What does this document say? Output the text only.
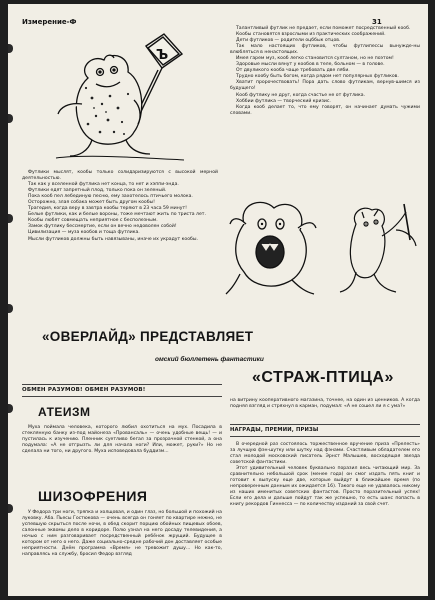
Измерение-Ф	31
Ъ

Футлики мыслят, кообы только солидаризируются с высокой мерной деятельностью.

Так как у вселенной футлика нет конца, то нет и хэппи-энда.

Футлики едят запретный плод, только пока он зеленый.

Пока кооб пел лебединую песню, ему захотелось птичьего молока.

Осторожно, злая собака может быть другом кообы!

Трагедия, когда веру в завтра кообы теряют в 23 часа 59 минут!

Белые футлики, как и белые вороны, тоже мечтают жить по триста лет.

Кообы любят совмещать неприятное с бесполезным.

Замок футлику бессмертие, если он вечно недоволен собой!

Цивилизация — муза кообов и тоща футлика.

Мысли футликов должны быть навязываны, иначе их украдут кообы.

Талантливый футлик не предает, если поможет посредственный кооб.

Кообы становятся взрослыми из практических соображений.

Дети футликов — родители оцббык отцов.

Так мало настоящих футликов, чтобы футлипессы вынужде-ны влюбляться в ненастоящих.

Имея гарем муз, кооб легко становится султаном, но не поэтом!

Здоровые мысли вянут у кообов в теле, больном — в голове.

От двуликого кооба чаще требовать две ляби.

Трудно кообу быть богом, когда рядом нет популярных футликов.

Хватит пророчествовать! Пора дать слово футликам, вернув-шимся из будущего!

Кооб футлику не друг, когда счастье не от футлика.

Хоббии футлика — творческий кризис.

Когда кооб делает то, что ему говорят, он начинает думать чужими словами.

«ОВЕРЛАЙД» ПРЕДСТАВЛЯЕТ
омский бюллетень фантастики
«СТРАЖ-ПТИЦА»
ОБМЕН РАЗУМОВ! ОБМЕН РАЗУМОВ!
АТЕИЗМ

Муха поймала человека, которого любил охотиться на мух. Посадила в стеклянную банку из-под майонеза «Провансаль» — очень удобные вещь! — и пустилась к изучению. Пленник суетливо бегал за прозрачной стенкой, а она подумала: «А не отгрызть ли для начала ноги? Или, может, руки?» Но не сделала ни того, ни другого. Муха исповедовала буддизм...

ШИЗОФРЕНИЯ

У Федора три ноги, тряпка и холщовая, и один глаз, но большой и похожий на луковку. Аба. Пьесы Гостюкова — очень всегда он гоняет по квартире нежно, не успевшую скрыться после ночи, в обед скорит порцию обойных пищевых обоев, салонные эквомы дело в коридоре. Полю узнал на него досаду телевидения, а ночью с ним разговаривает посредственный ребёнок жрущий. Будущее в котором от него о него. Даже социально-средне рабочий дон доставляет особые неприятности. Днём программа «Время» не тревожит душу... Но как-то, направлясь на службу, бросил Федор взгляд

на витрину кооперативного магазина, точнее, на один из ценников. А когда поднял взгляд и стряхнул в карман, подумал: «А не сошел ли я с ума?»

НАГРАДЫ, ПРЕМИИ, ПРИЗЫ

В очередной раз состоялось торжественное вручение приза «Прелесть» за лучшую фэн-шутку или шутку над фэнами. Счастливым обладателем его стал молодой московский писатель Эрнст Малышев, восходящая звезда советской фантастики.

Этот удивительный человек буквально поразил весь читающий мир. За сравнительно небольшой срок (менее года) он смог издать пять книг и готовит к выпуску еще две, которые выйдут в ближайшее время (по непроверенным данным их ожидается 16). Такого еще не удавалось никому из наших именитых советских фантастов. Просто поразительный успех! Если его дела и дальше пойдут так же успешно, то есть шанс попасть в книгу рекордов Гиннесса — по количеству изданий за свой счет.
